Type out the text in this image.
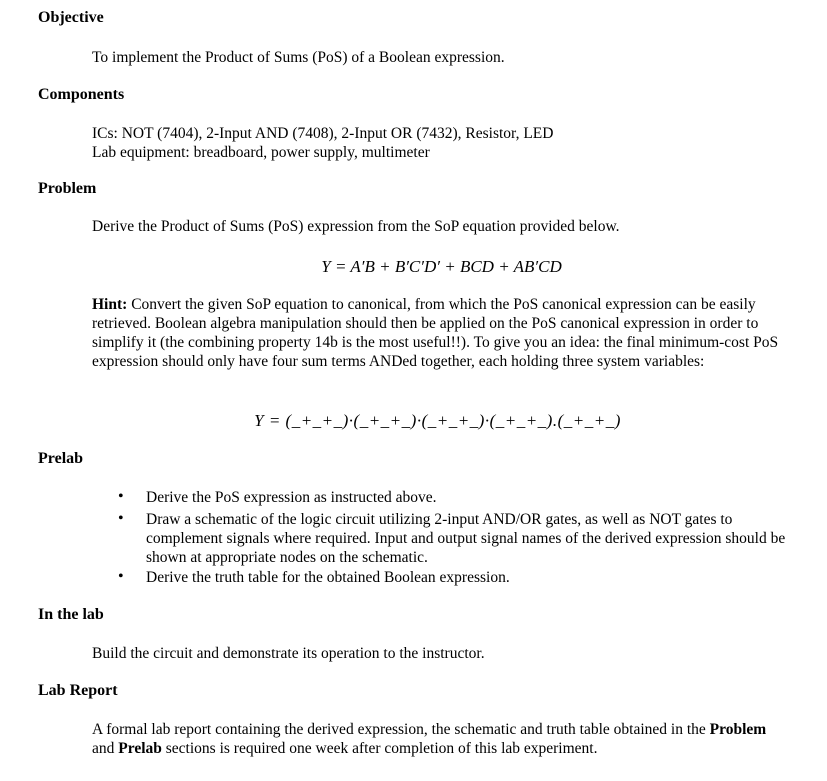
Objective
To implement the Product of Sums (PoS) of a Boolean expression.
Components
ICs: NOT (7404), 2-Input AND (7408), 2-Input OR (7432), Resistor, LED
Lab equipment: breadboard, power supply, multimeter
Problem
Derive the Product of Sums (PoS) expression from the SoP equation provided below.
Y = A′B + B′C′D′ + BCD + AB′CD
Hint: Convert the given SoP equation to canonical, from which the PoS canonical expression can be easily retrieved. Boolean algebra manipulation should then be applied on the PoS canonical expression in order to simplify it (the combining property 14b is the most useful!!). To give you an idea: the final minimum-cost PoS expression should only have four sum terms ANDed together, each holding three system variables:
Y = (_+_+_)·(_+_+_)·(_+_+_)·(_+_+_).(_+_+_)
Prelab
• Derive the PoS expression as instructed above.
• Draw a schematic of the logic circuit utilizing 2-input AND/OR gates, as well as NOT gates to complement signals where required. Input and output signal names of the derived expression should be shown at appropriate nodes on the schematic.
• Derive the truth table for the obtained Boolean expression.
In the lab
Build the circuit and demonstrate its operation to the instructor.
Lab Report
A formal lab report containing the derived expression, the schematic and truth table obtained in the Problem and Prelab sections is required one week after completion of this lab experiment.
